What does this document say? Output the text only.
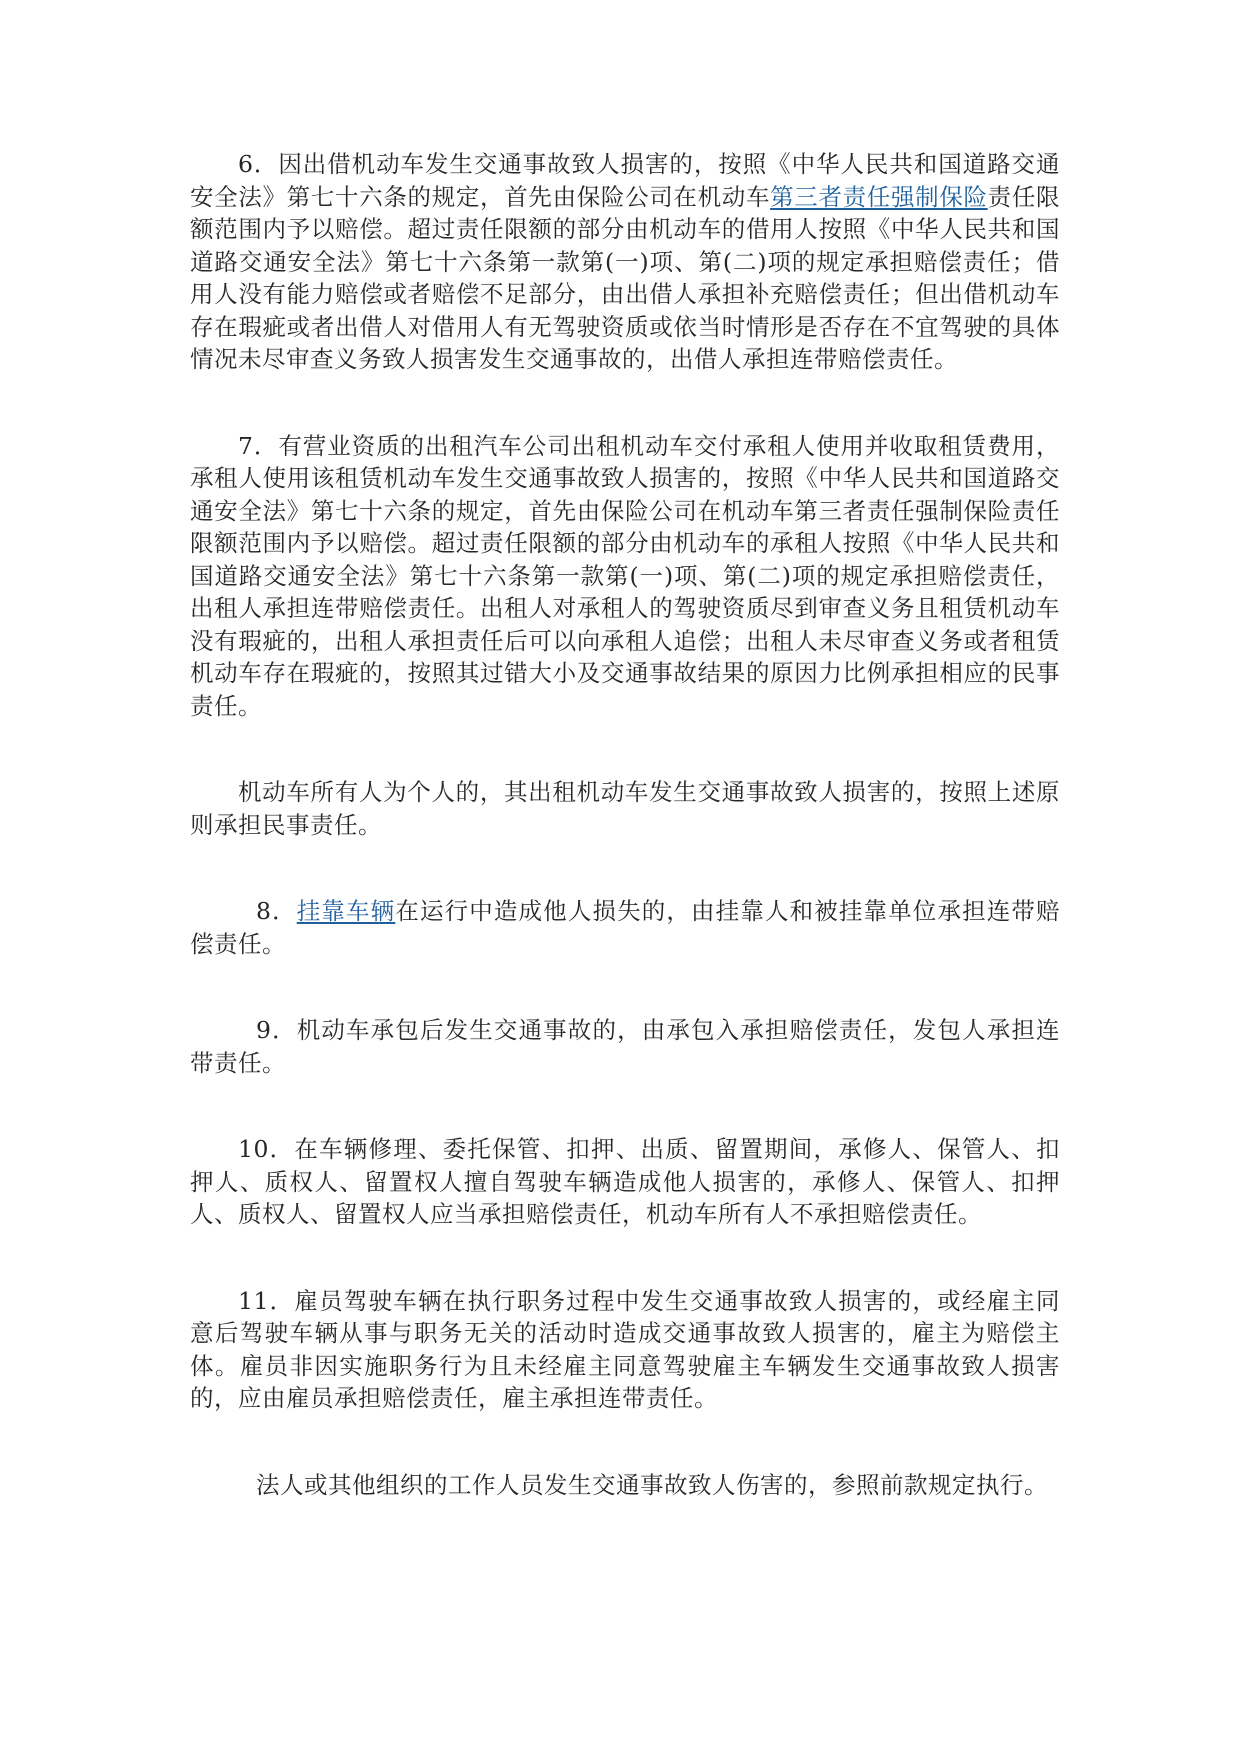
6．因出借机动车发生交通事故致人损害的，按照《中华人民共和国道路交通安全法》第七十六条的规定，首先由保险公司在机动车第三者责任强制保险责任限额范围内予以赔偿。超过责任限额的部分由机动车的借用人按照《中华人民共和国道路交通安全法》第七十六条第一款第(一)项、第(二)项的规定承担赔偿责任；借用人没有能力赔偿或者赔偿不足部分，由出借人承担补充赔偿责任；但出借机动车存在瑕疵或者出借人对借用人有无驾驶资质或依当时情形是否存在不宜驾驶的具体情况未尽审查义务致人损害发生交通事故的，出借人承担连带赔偿责任。

7．有营业资质的出租汽车公司出租机动车交付承租人使用并收取租赁费用，承租人使用该租赁机动车发生交通事故致人损害的，按照《中华人民共和国道路交通安全法》第七十六条的规定，首先由保险公司在机动车第三者责任强制保险责任限额范围内予以赔偿。超过责任限额的部分由机动车的承租人按照《中华人民共和国道路交通安全法》第七十六条第一款第(一)项、第(二)项的规定承担赔偿责任，出租人承担连带赔偿责任。出租人对承租人的驾驶资质尽到审查义务且租赁机动车没有瑕疵的，出租人承担责任后可以向承租人追偿；出租人未尽审查义务或者租赁机动车存在瑕疵的，按照其过错大小及交通事故结果的原因力比例承担相应的民事责任。

机动车所有人为个人的，其出租机动车发生交通事故致人损害的，按照上述原则承担民事责任。

8．挂靠车辆在运行中造成他人损失的，由挂靠人和被挂靠单位承担连带赔偿责任。

9．机动车承包后发生交通事故的，由承包入承担赔偿责任，发包人承担连带责任。

10．在车辆修理、委托保管、扣押、出质、留置期间，承修人、保管人、扣押人、质权人、留置权人擅自驾驶车辆造成他人损害的，承修人、保管人、扣押人、质权人、留置权人应当承担赔偿责任，机动车所有人不承担赔偿责任。

11．雇员驾驶车辆在执行职务过程中发生交通事故致人损害的，或经雇主同意后驾驶车辆从事与职务无关的活动时造成交通事故致人损害的，雇主为赔偿主体。雇员非因实施职务行为且未经雇主同意驾驶雇主车辆发生交通事故致人损害的，应由雇员承担赔偿责任，雇主承担连带责任。

法人或其他组织的工作人员发生交通事故致人伤害的，参照前款规定执行。
